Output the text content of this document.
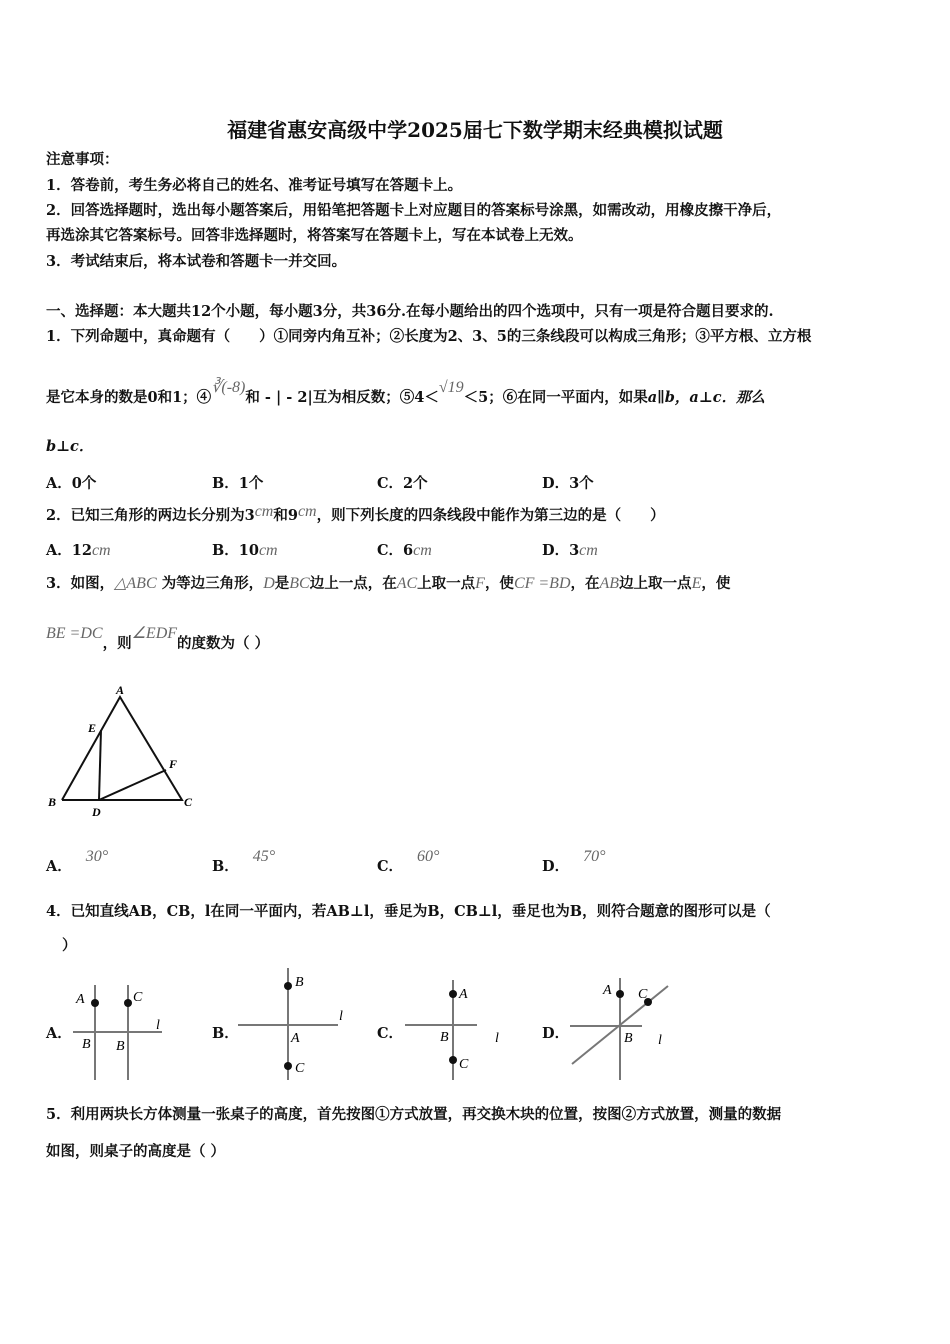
福建省惠安高级中学2025届七下数学期末经典模拟试题
注意事项：
1．答卷前，考生务必将自己的姓名、准考证号填写在答题卡上。
2．回答选择题时，选出每小题答案后，用铅笔把答题卡上对应题目的答案标号涂黑，如需改动，用橡皮擦干净后，
再选涂其它答案标号。回答非选择题时，将答案写在答题卡上，写在本试卷上无效。
3．考试结束后，将本试卷和答题卡一并交回。
一、选择题：本大题共12个小题，每小题3分，共36分.在每小题给出的四个选项中，只有一项是符合题目要求的.
1．下列命题中，真命题有（　　）①同旁内角互补；②长度为2、3、5的三条线段可以构成三角形；③平方根、立方根
是它本身的数是0和1；④∛(-8)和 - | - 2|互为相反数；⑤4＜√19＜5；⑥在同一平面内，如果a∥b，a⊥c．那么
b⊥c．
A．0个	B．1个	C．2个	D．3个
2．已知三角形的两边长分别为3cm和9cm，则下列长度的四条线段中能作为第三边的是（　　）
A．12cm	B．10cm	C．6cm	D．3cm
3．如图，△ABC 为等边三角形，D是BC边上一点，在AC上取一点F，使CF =BD，在AB边上取一点E，使
BE =DC，则∠EDF的度数为（ ）
A
E
F
B
D
C
A．30°
B．45°
C．60°
D．70°
4．已知直线AB，CB，l在同一平面内，若AB⊥l，垂足为B，CB⊥l，垂足也为B，则符合题意的图形可以是（
）
A．
A	C
l
B B
B．
B
l
A
C
C．
A
B	l
C
D．
A C
B l
5．利用两块长方体测量一张桌子的高度，首先按图①方式放置，再交换木块的位置，按图②方式放置，测量的数据
如图，则桌子的高度是（ ）
